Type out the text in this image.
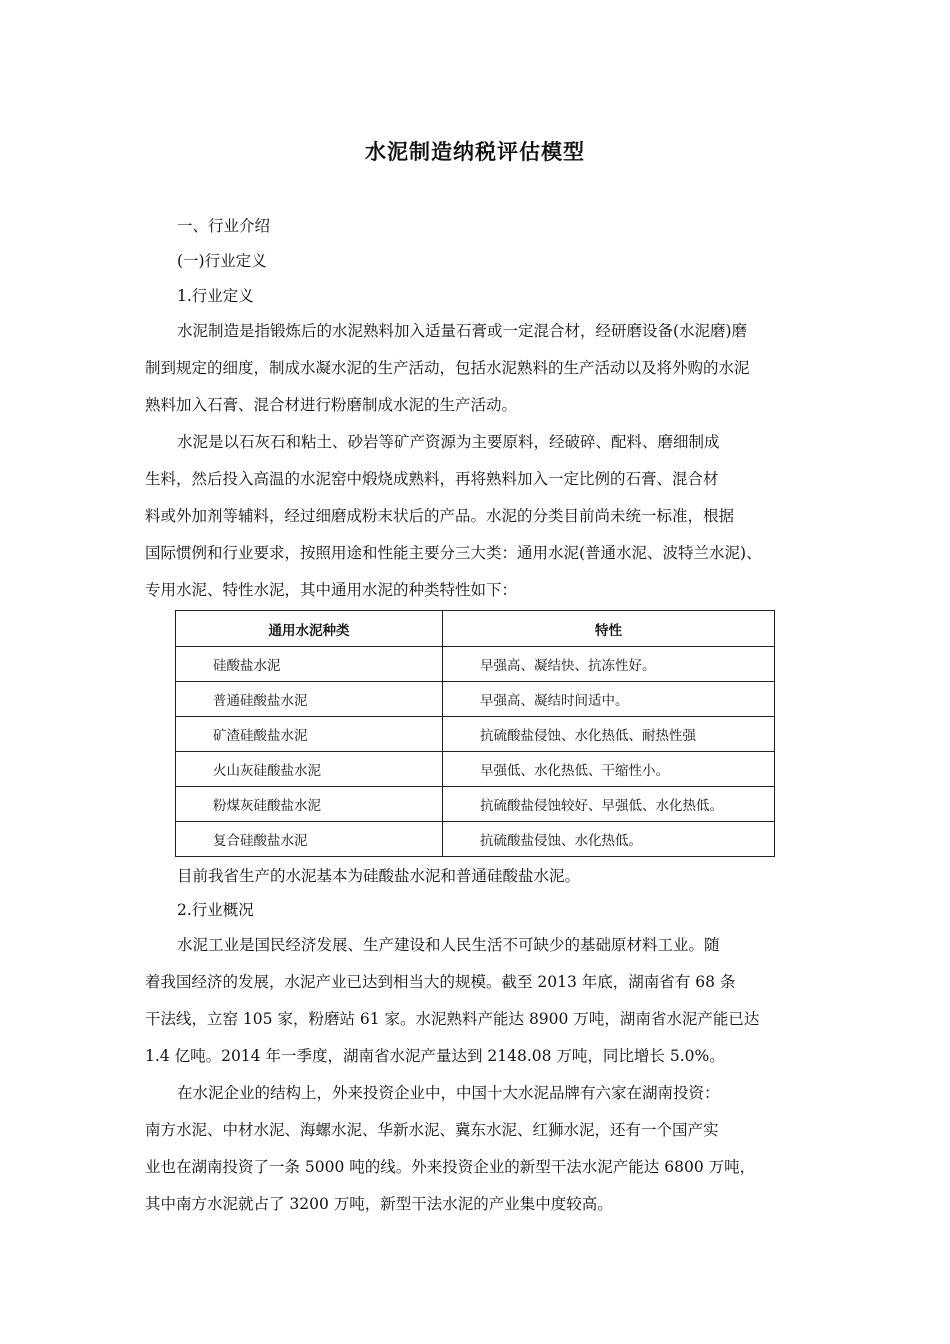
水泥制造纳税评估模型
一、行业介绍
(一)行业定义
1.行业定义
水泥制造是指锻炼后的水泥熟料加入适量石膏或一定混合材，经研磨设备(水泥磨)磨
制到规定的细度，制成水凝水泥的生产活动，包括水泥熟料的生产活动以及将外购的水泥
熟料加入石膏、混合材进行粉磨制成水泥的生产活动。
水泥是以石灰石和粘土、砂岩等矿产资源为主要原料，经破碎、配料、磨细制成
生料，然后投入高温的水泥窑中煅烧成熟料，再将熟料加入一定比例的石膏、混合材
料或外加剂等辅料，经过细磨成粉末状后的产品。水泥的分类目前尚未统一标准，根据
国际惯例和行业要求，按照用途和性能主要分三大类：通用水泥(普通水泥、波特兰水泥)、
专用水泥、特性水泥，其中通用水泥的种类特性如下：
通用水泥种类	特性
硅酸盐水泥	早强高、凝结快、抗冻性好。
普通硅酸盐水泥	早强高、凝结时间适中。
矿渣硅酸盐水泥	抗硫酸盐侵蚀、水化热低、耐热性强
火山灰硅酸盐水泥	早强低、水化热低、干缩性小。
粉煤灰硅酸盐水泥	抗硫酸盐侵蚀较好、早强低、水化热低。
复合硅酸盐水泥	抗硫酸盐侵蚀、水化热低。
目前我省生产的水泥基本为硅酸盐水泥和普通硅酸盐水泥。
2.行业概况
水泥工业是国民经济发展、生产建设和人民生活不可缺少的基础原材料工业。随
着我国经济的发展，水泥产业已达到相当大的规模。截至 2013 年底，湖南省有 68 条
干法线，立窑 105 家，粉磨站 61 家。水泥熟料产能达 8900 万吨，湖南省水泥产能已达
1.4 亿吨。2014 年一季度，湖南省水泥产量达到 2148.08 万吨，同比增长 5.0%。
在水泥企业的结构上，外来投资企业中，中国十大水泥品牌有六家在湖南投资：
南方水泥、中材水泥、海螺水泥、华新水泥、冀东水泥、红狮水泥，还有一个国产实
业也在湖南投资了一条 5000 吨的线。外来投资企业的新型干法水泥产能达 6800 万吨，
其中南方水泥就占了 3200 万吨，新型干法水泥的产业集中度较高。
